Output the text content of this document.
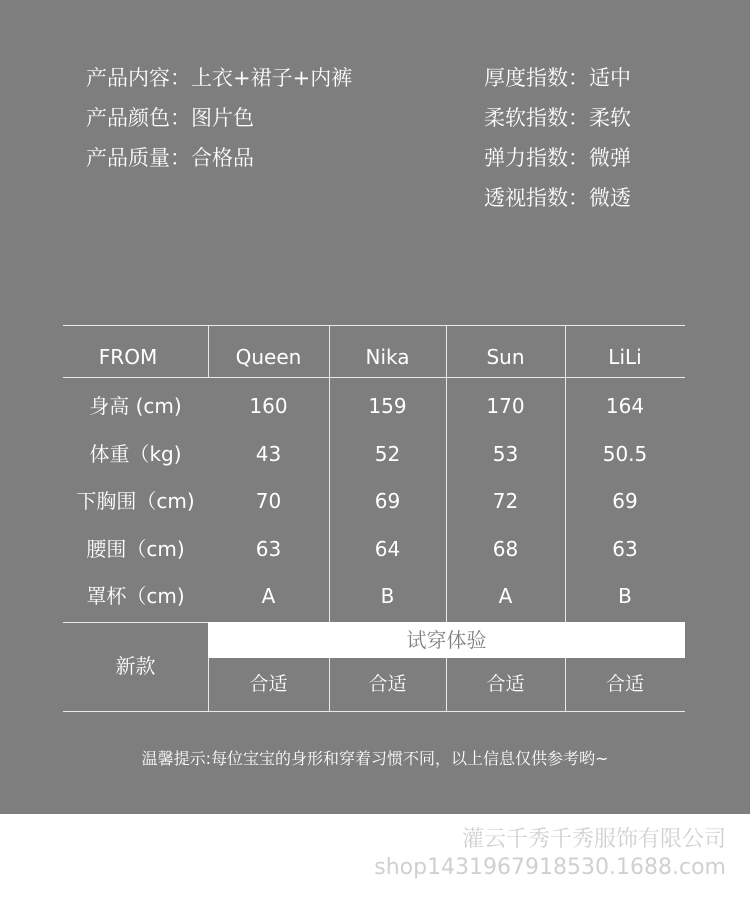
产品内容：上衣+裙子+内裤
产品颜色：图片色
产品质量：合格品
厚度指数：适中
柔软指数：柔软
弹力指数：微弹
透视指数：微透
FROM	Queen	Nika	Sun	LiLi
身高 (cm)	160	159	170	164
体重（kg)	43	52	53	50.5
下胸围（cm)	70	69	72	69
腰围（cm)	63	64	68	63
罩杯（cm)	A	B	A	B
新款
试穿体验
合适	合适	合适	合适
温馨提示:每位宝宝的身形和穿着习惯不同，以上信息仅供参考哟~
灌云千秀千秀服饰有限公司
shop1431967918530.1688.com
